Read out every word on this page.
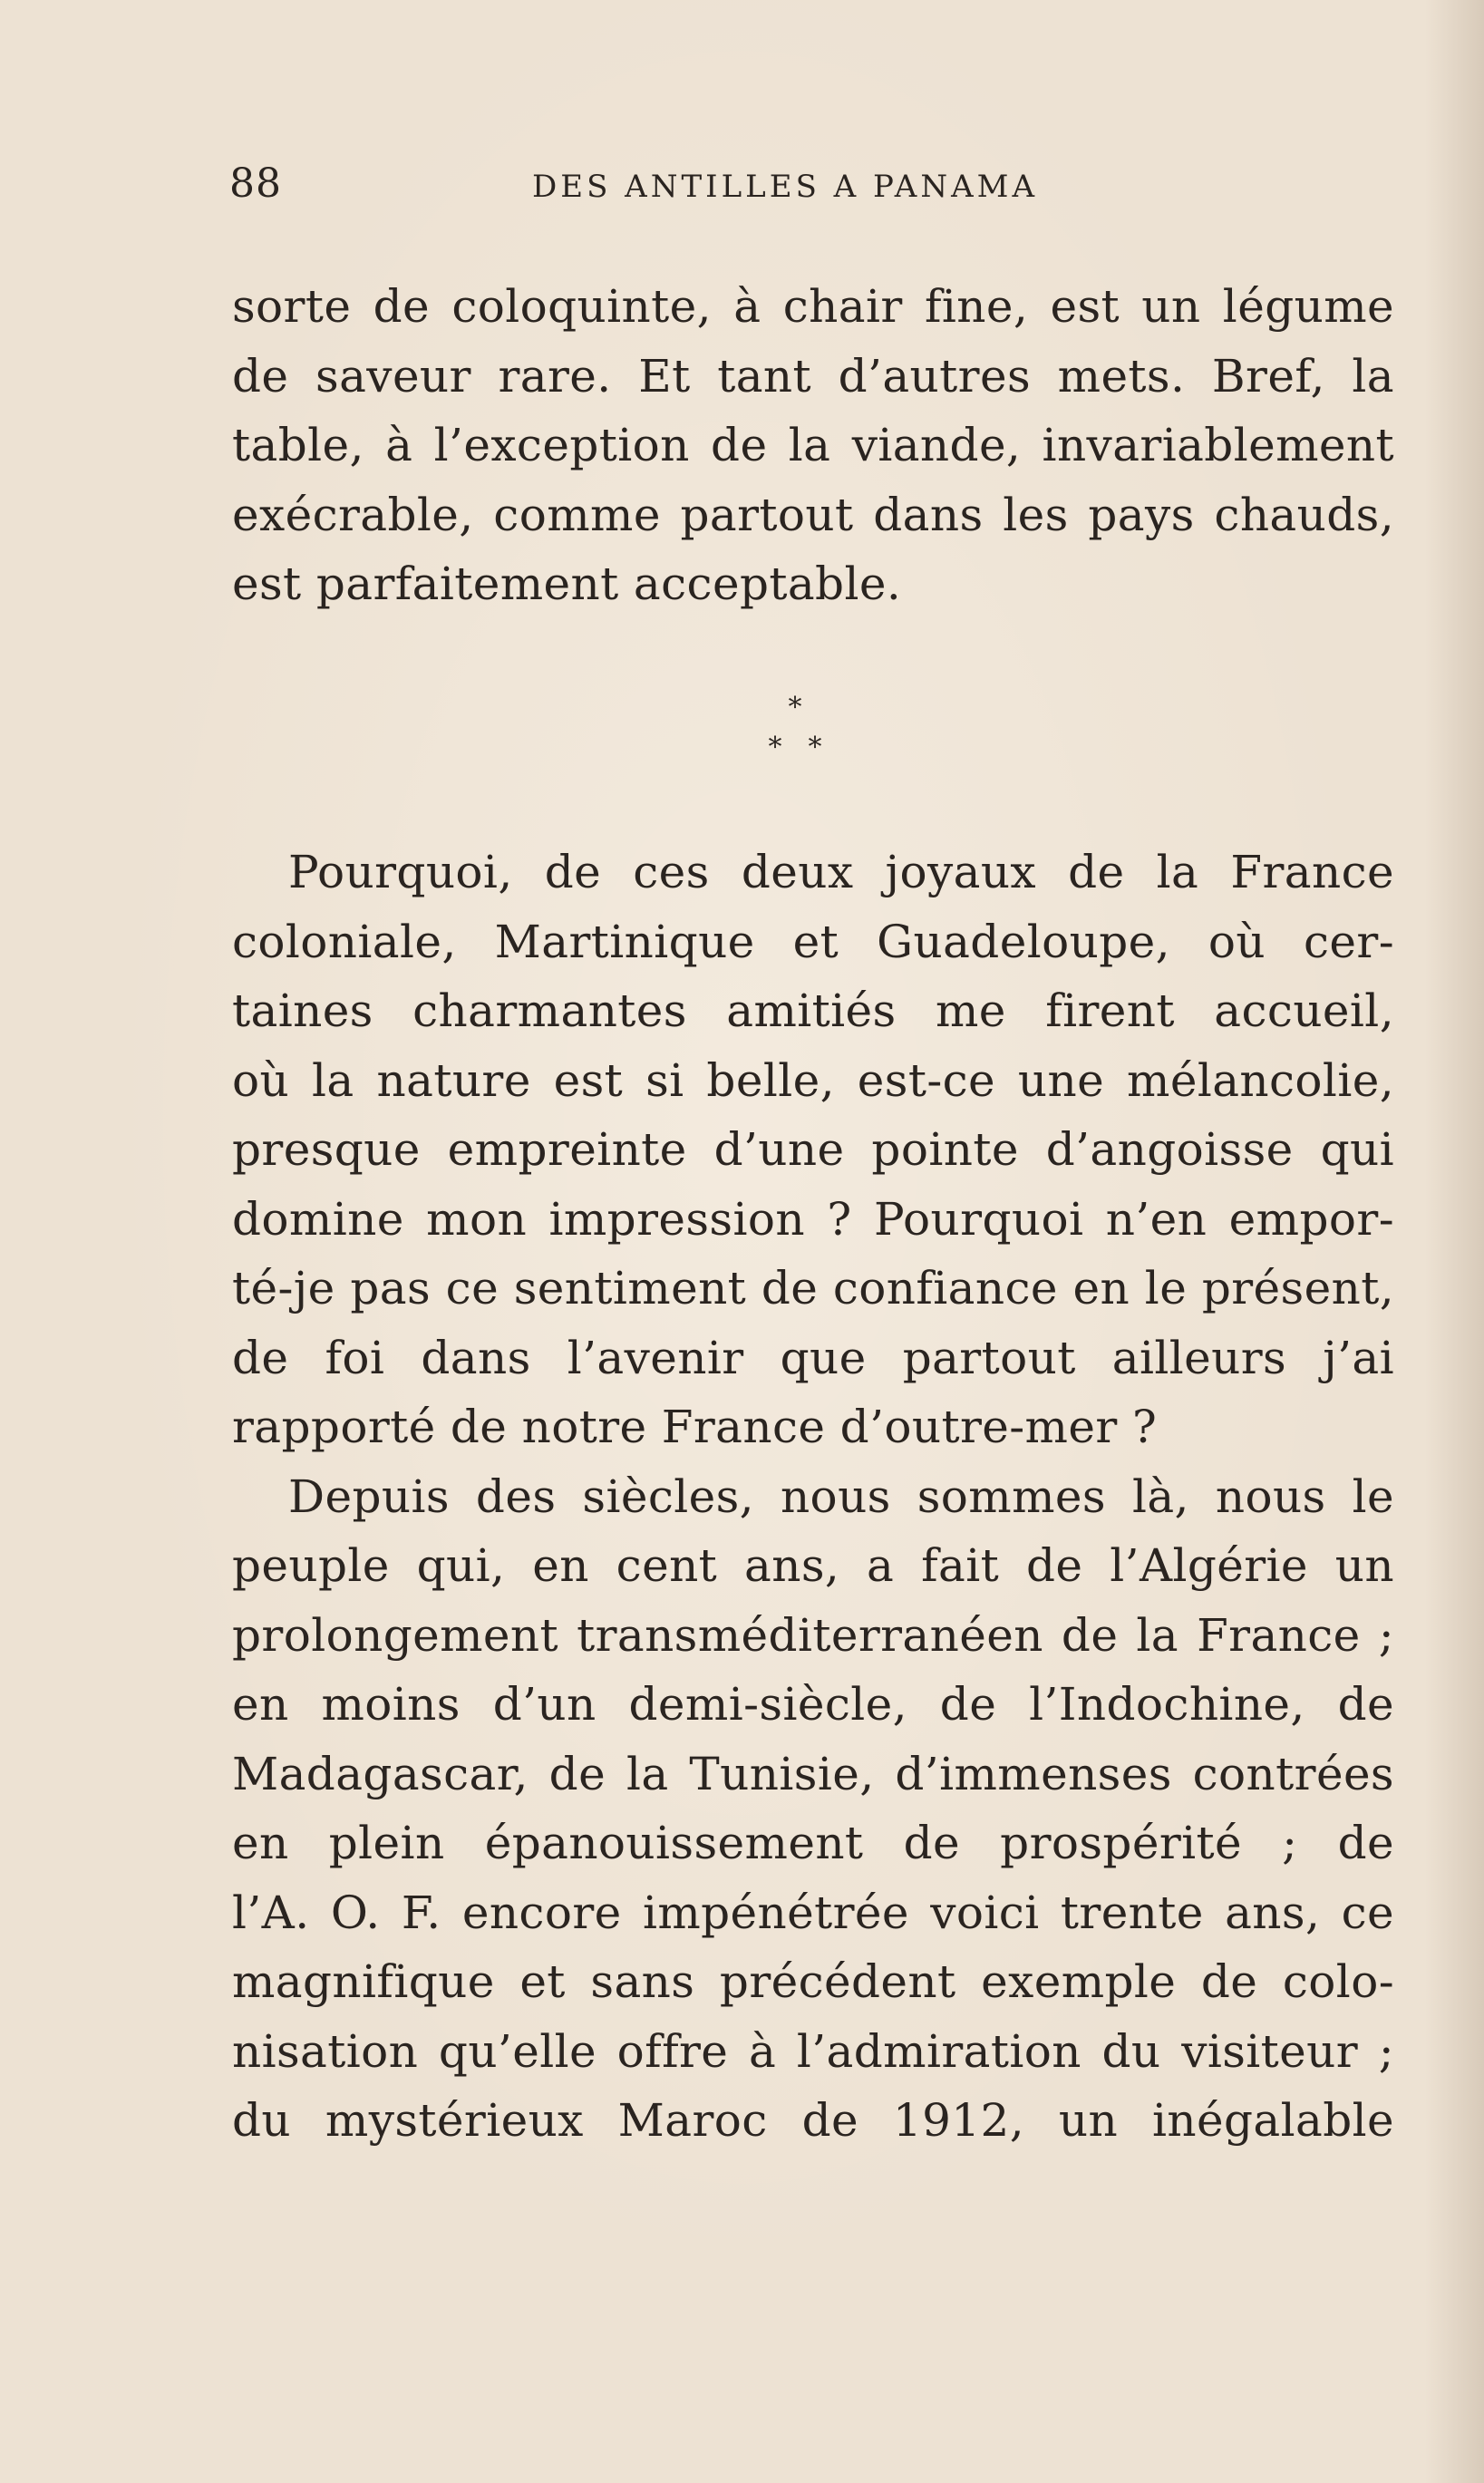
88	DES ANTILLES A PANAMA
sorte de coloquinte, à chair fine, est un légume
de saveur rare. Et tant d’autres mets. Bref, la
table, à l’exception de la viande, invariablement
exécrable, comme partout dans les pays chauds,
est parfaitement acceptable.
*
* *
Pourquoi, de ces deux joyaux de la France
coloniale, Martinique et Guadeloupe, où cer-
taines charmantes amitiés me firent accueil,
où la nature est si belle, est-ce une mélancolie,
presque empreinte d’une pointe d’angoisse qui
domine mon impression ? Pourquoi n’en empor-
té-je pas ce sentiment de confiance en le présent,
de foi dans l’avenir que partout ailleurs j’ai
rapporté de notre France d’outre-mer ?
Depuis des siècles, nous sommes là, nous le
peuple qui, en cent ans, a fait de l’Algérie un
prolongement transméditerranéen de la France ;
en moins d’un demi-siècle, de l’Indochine, de
Madagascar, de la Tunisie, d’immenses contrées
en plein épanouissement de prospérité ; de
l’A. O. F. encore impénétrée voici trente ans, ce
magnifique et sans précédent exemple de colo-
nisation qu’elle offre à l’admiration du visiteur ;
du mystérieux Maroc de 1912, un inégalable
